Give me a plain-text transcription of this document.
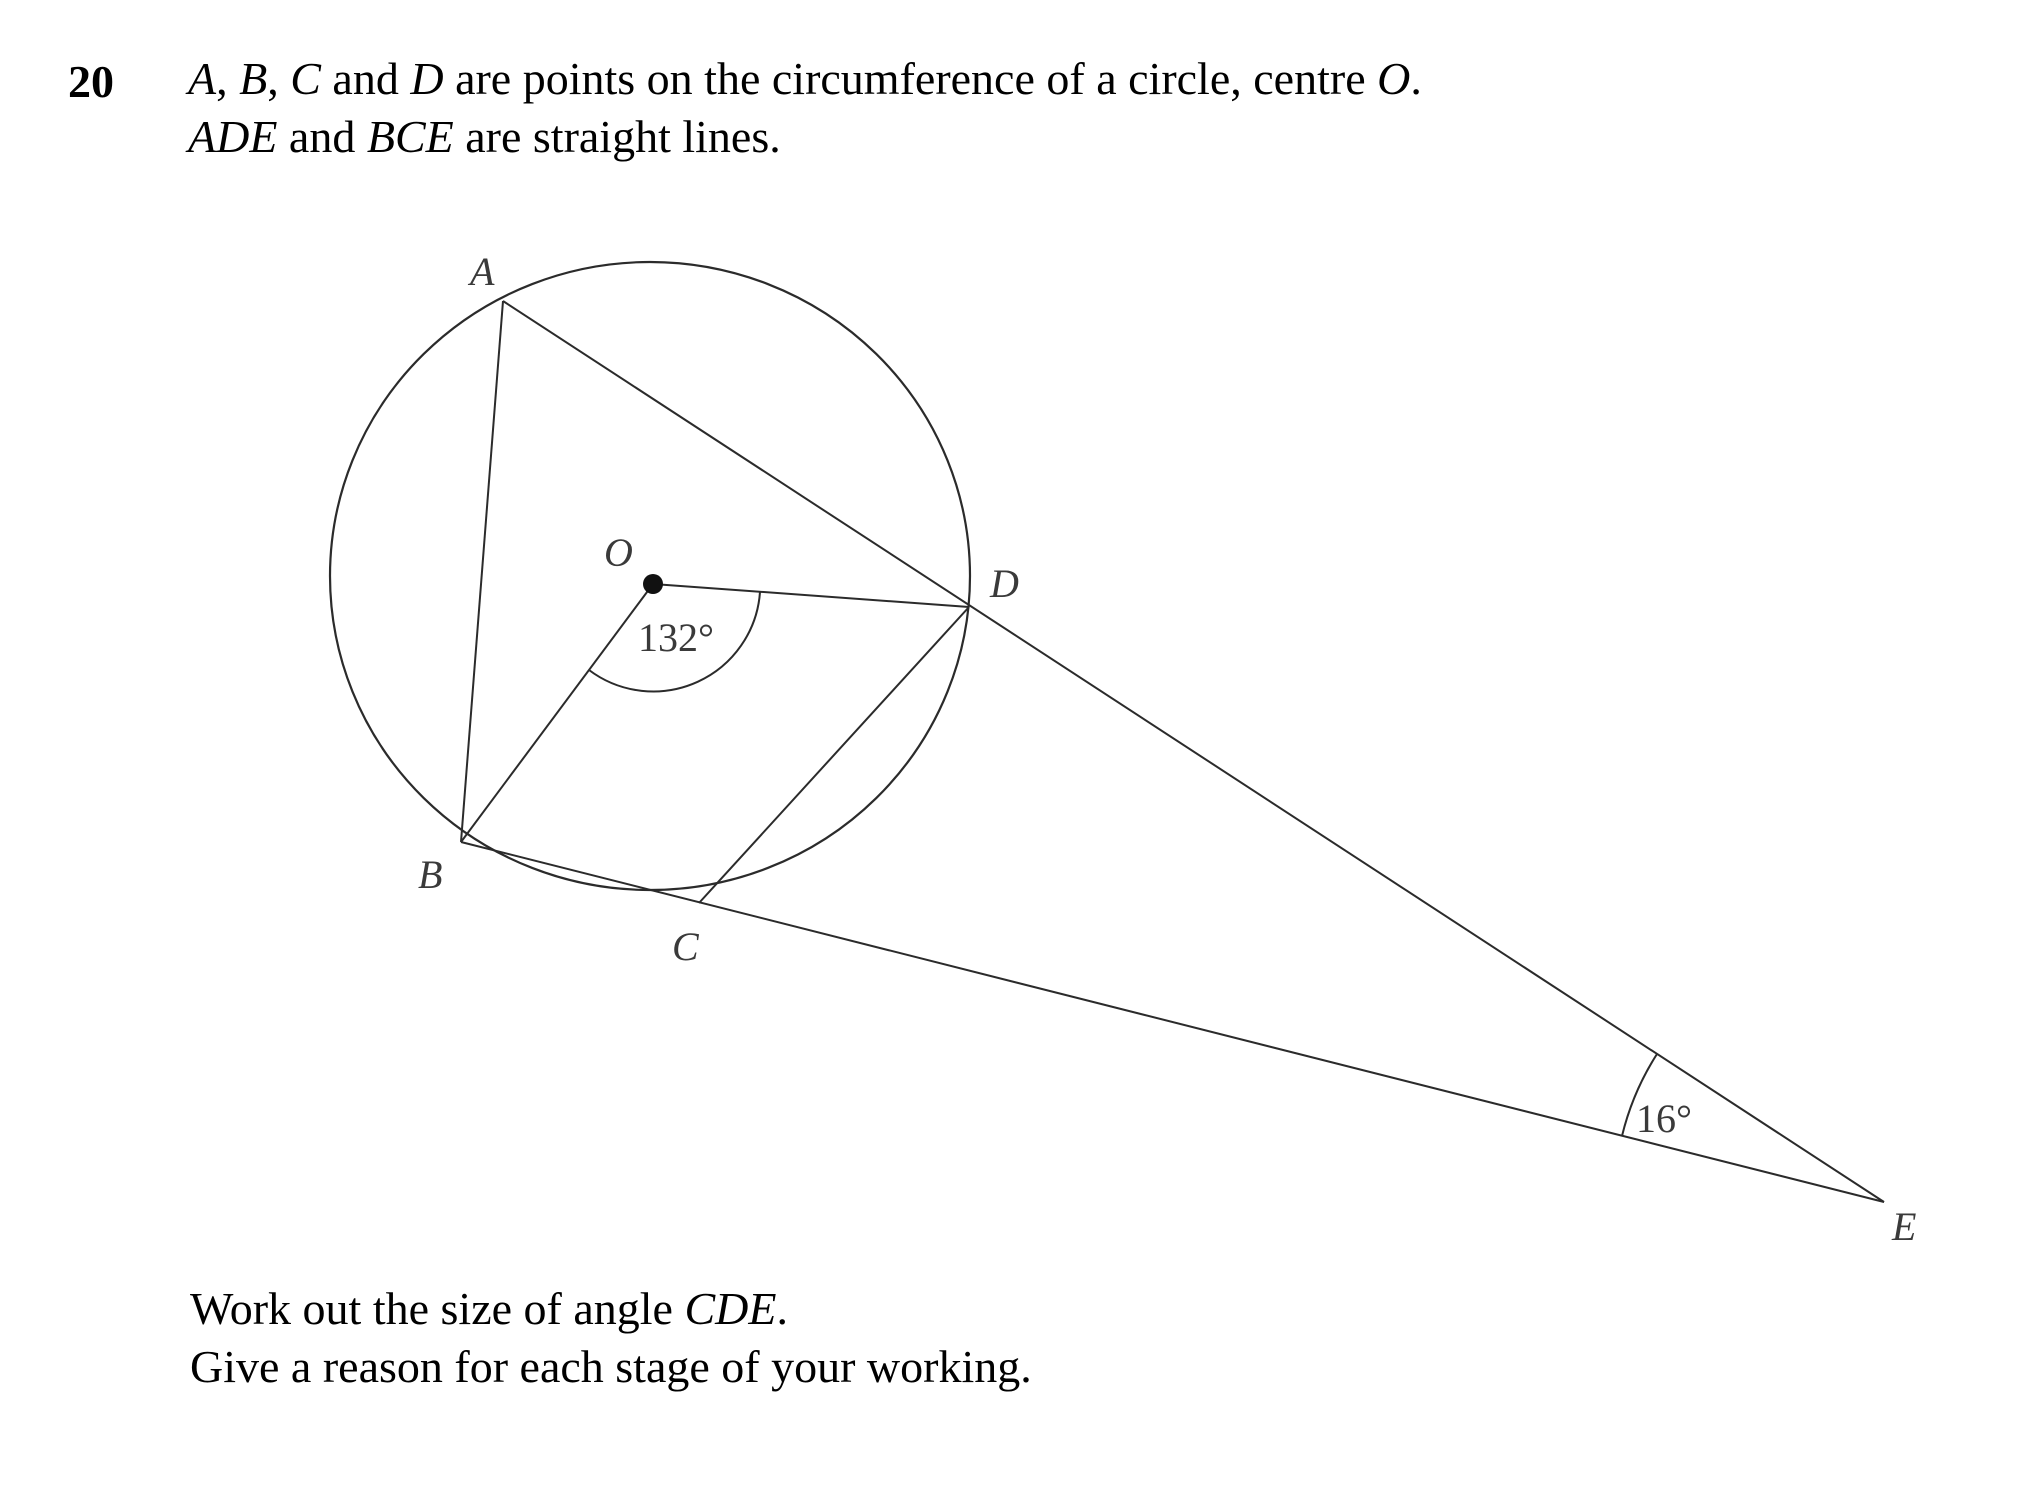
20 A, B, C and D are points on the circumference of a circle, centre O.
ADE and BCE are straight lines.
A
B
C
D
E
O
132°
16°
Work out the size of angle CDE.
Give a reason for each stage of your working.
